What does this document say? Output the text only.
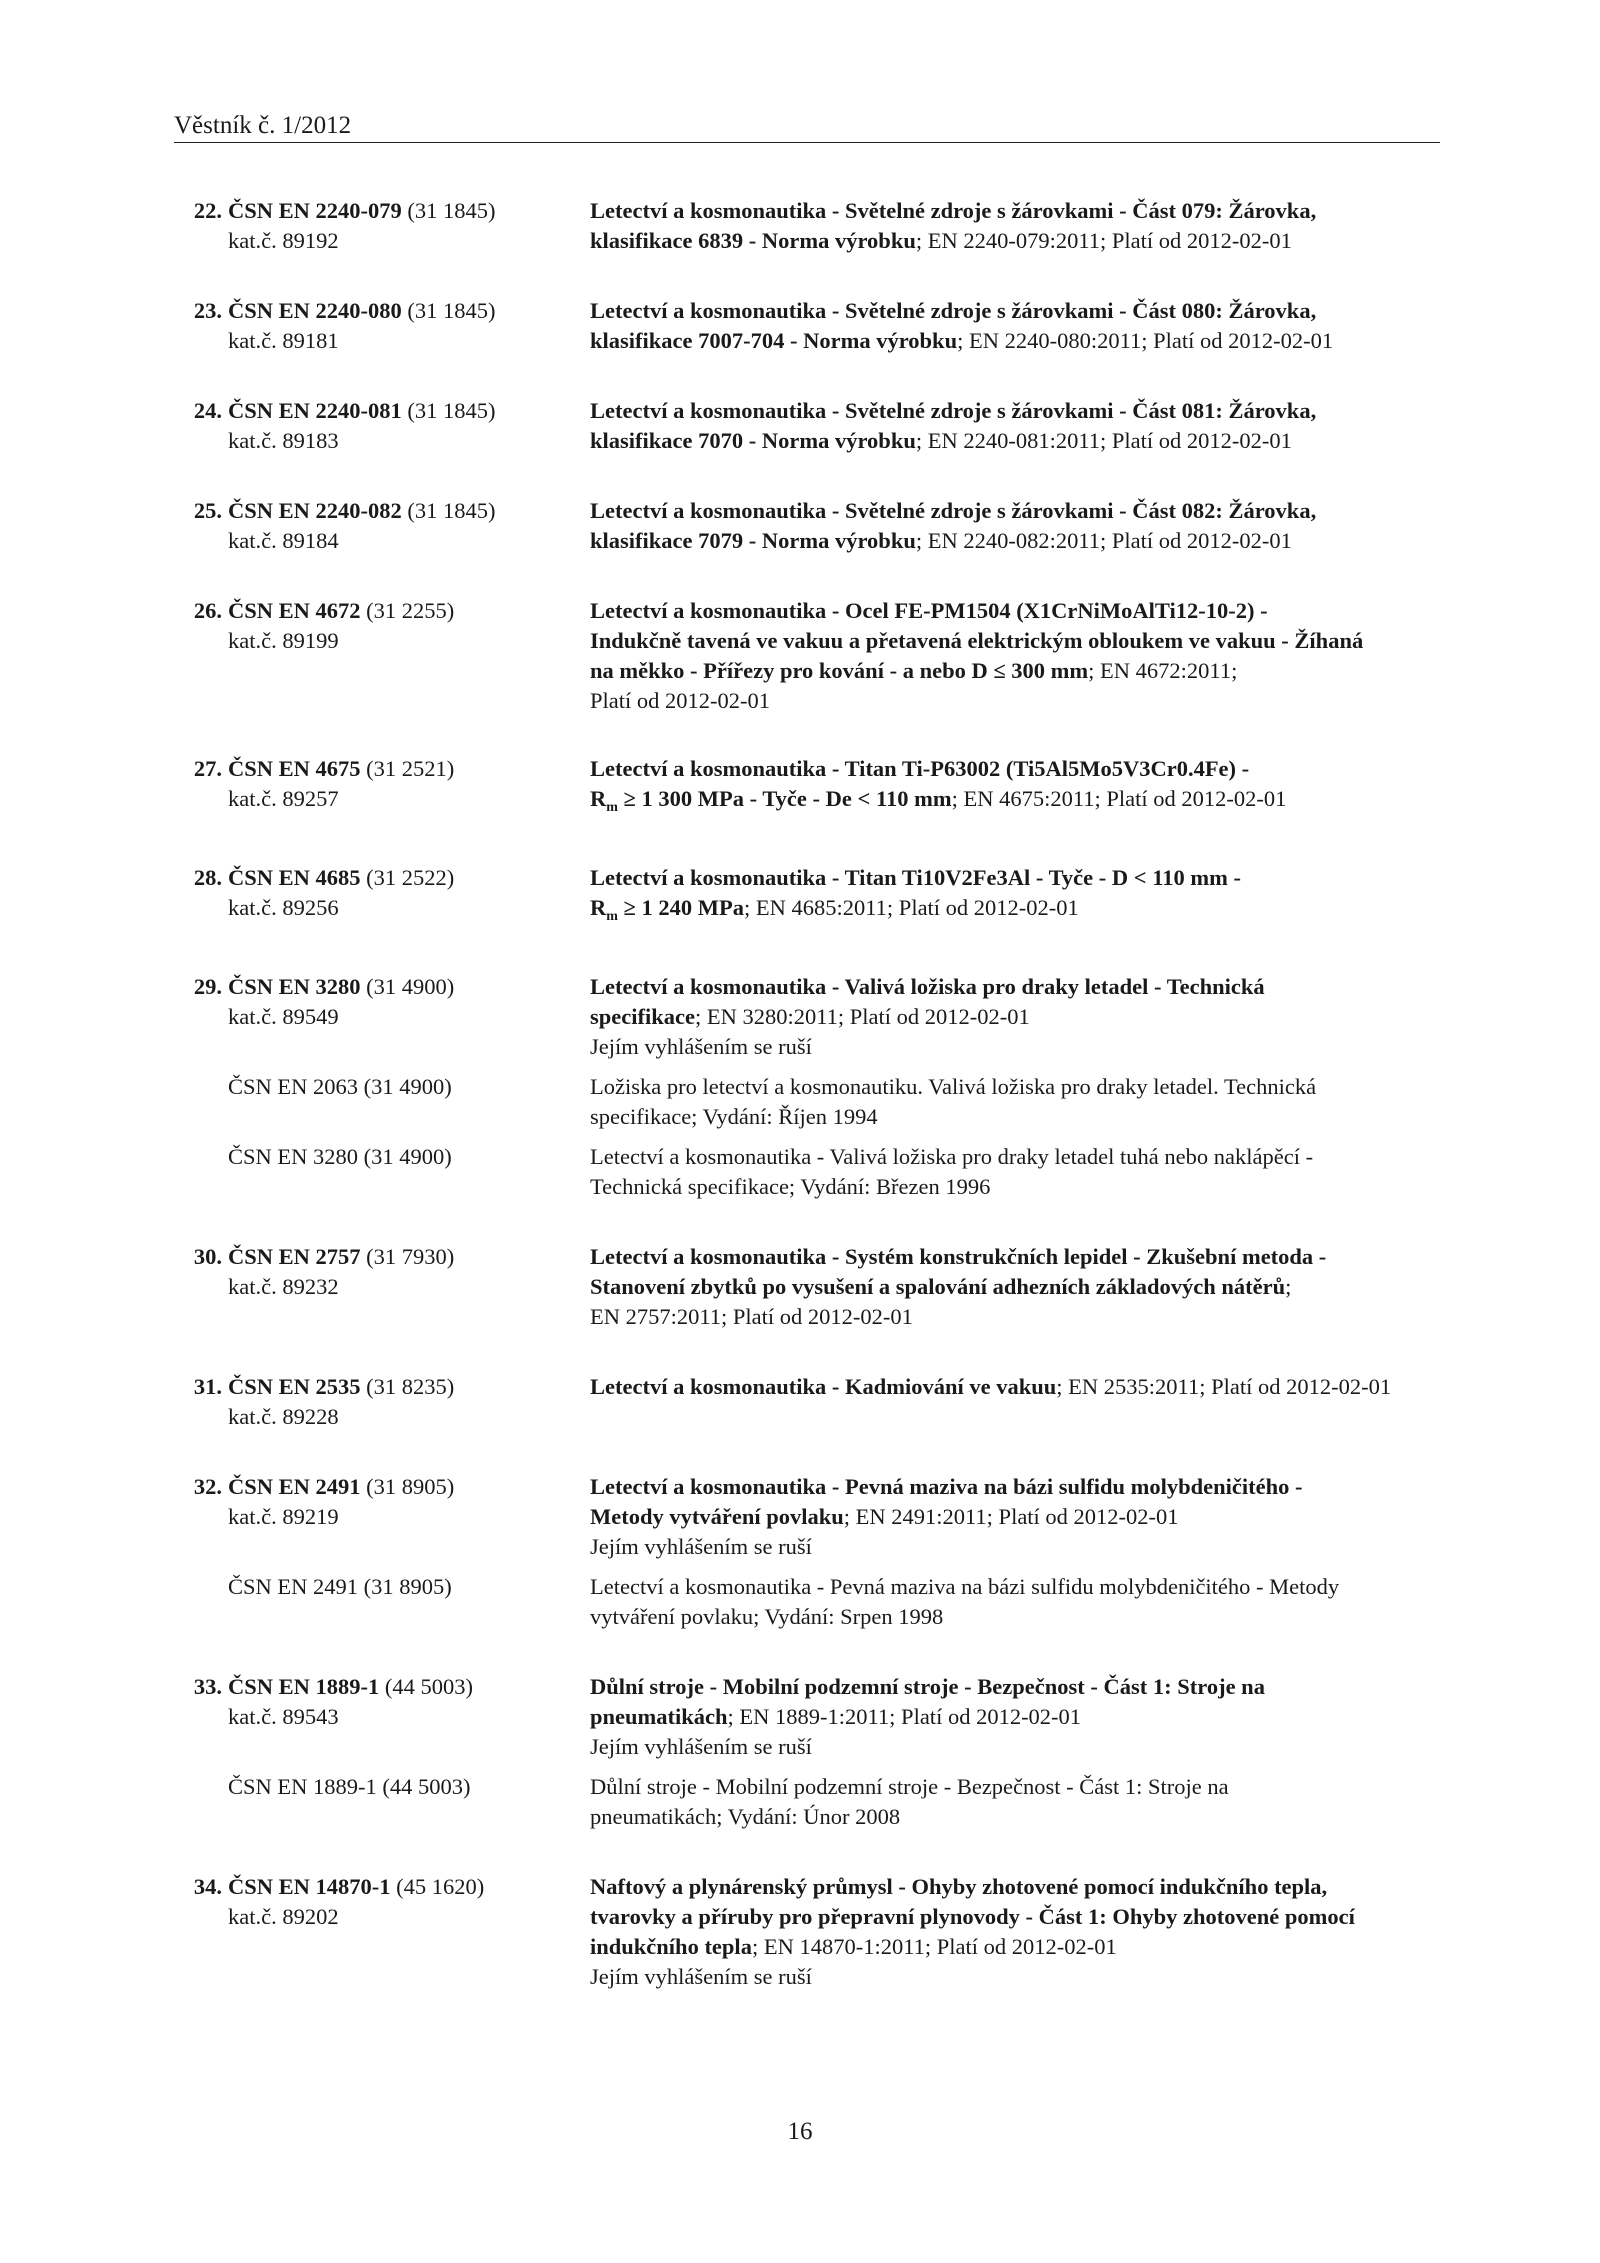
Věstník č. 1/2012
22. ČSN EN 2240-079 (31 1845)	Letectví a kosmonautika - Světelné zdroje s žárovkami - Část 079: Žárovka,
kat.č. 89192	klasifikace 6839 - Norma výrobku; EN 2240-079:2011; Platí od 2012-02-01
23. ČSN EN 2240-080 (31 1845)	Letectví a kosmonautika - Světelné zdroje s žárovkami - Část 080: Žárovka,
kat.č. 89181	klasifikace 7007-704 - Norma výrobku; EN 2240-080:2011; Platí od 2012-02-01
24. ČSN EN 2240-081 (31 1845)	Letectví a kosmonautika - Světelné zdroje s žárovkami - Část 081: Žárovka,
kat.č. 89183	klasifikace 7070 - Norma výrobku; EN 2240-081:2011; Platí od 2012-02-01
25. ČSN EN 2240-082 (31 1845)	Letectví a kosmonautika - Světelné zdroje s žárovkami - Část 082: Žárovka,
kat.č. 89184	klasifikace 7079 - Norma výrobku; EN 2240-082:2011; Platí od 2012-02-01
26. ČSN EN 4672 (31 2255)	Letectví a kosmonautika - Ocel FE-PM1504 (X1CrNiMoAlTi12-10-2) -
kat.č. 89199	Indukčně tavená ve vakuu a přetavená elektrickým obloukem ve vakuu - Žíhaná
na měkko - Přířezy pro kování - a nebo D ≤ 300 mm; EN 4672:2011;
Platí od 2012-02-01
27. ČSN EN 4675 (31 2521)	Letectví a kosmonautika - Titan Ti-P63002 (Ti5Al5Mo5V3Cr0.4Fe) -
kat.č. 89257	$R_m \ge 1$ 300 MPa - Tyče - De < 110 mm; EN 4675:2011; Platí od 2012-02-01
28. ČSN EN 4685 (31 2522)	Letectví a kosmonautika - Titan Ti10V2Fe3Al - Tyče - D < 110 mm -
kat.č. 89256	$R_m \ge 1$ 240 MPa; EN 4685:2011; Platí od 2012-02-01
29. ČSN EN 3280 (31 4900)	Letectví a kosmonautika - Valivá ložiska pro draky letadel - Technická
kat.č. 89549	specifikace; EN 3280:2011; Platí od 2012-02-01
Jejím vyhlášením se ruší
ČSN EN 2063 (31 4900)	Ložiska pro letectví a kosmonautiku. Valivá ložiska pro draky letadel. Technická
specifikace; Vydání: Říjen 1994
ČSN EN 3280 (31 4900)	Letectví a kosmonautika - Valivá ložiska pro draky letadel tuhá nebo naklápěcí -
Technická specifikace; Vydání: Březen 1996
30. ČSN EN 2757 (31 7930)	Letectví a kosmonautika - Systém konstrukčních lepidel - Zkušební metoda -
kat.č. 89232	Stanovení zbytků po vysušení a spalování adhezních základových nátěrů;
EN 2757:2011; Platí od 2012-02-01
31. ČSN EN 2535 (31 8235)	Letectví a kosmonautika - Kadmiování ve vakuu; EN 2535:2011; Platí od 2012-02-01
kat.č. 89228
32. ČSN EN 2491 (31 8905)	Letectví a kosmonautika - Pevná maziva na bázi sulfidu molybdeničitého -
kat.č. 89219	Metody vytváření povlaku; EN 2491:2011; Platí od 2012-02-01
Jejím vyhlášením se ruší
ČSN EN 2491 (31 8905)	Letectví a kosmonautika - Pevná maziva na bázi sulfidu molybdeničitého - Metody
vytváření povlaku; Vydání: Srpen 1998
33. ČSN EN 1889-1 (44 5003)	Důlní stroje - Mobilní podzemní stroje - Bezpečnost - Část 1: Stroje na
kat.č. 89543	pneumatikách; EN 1889-1:2011; Platí od 2012-02-01
Jejím vyhlášením se ruší
ČSN EN 1889-1 (44 5003)	Důlní stroje - Mobilní podzemní stroje - Bezpečnost - Část 1: Stroje na
pneumatikách; Vydání: Únor 2008
34. ČSN EN 14870-1 (45 1620)	Naftový a plynárenský průmysl - Ohyby zhotovené pomocí indukčního tepla,
kat.č. 89202	tvarovky a příruby pro přepravní plynovody - Část 1: Ohyby zhotovené pomocí
indukčního tepla; EN 14870-1:2011; Platí od 2012-02-01
Jejím vyhlášením se ruší
16
